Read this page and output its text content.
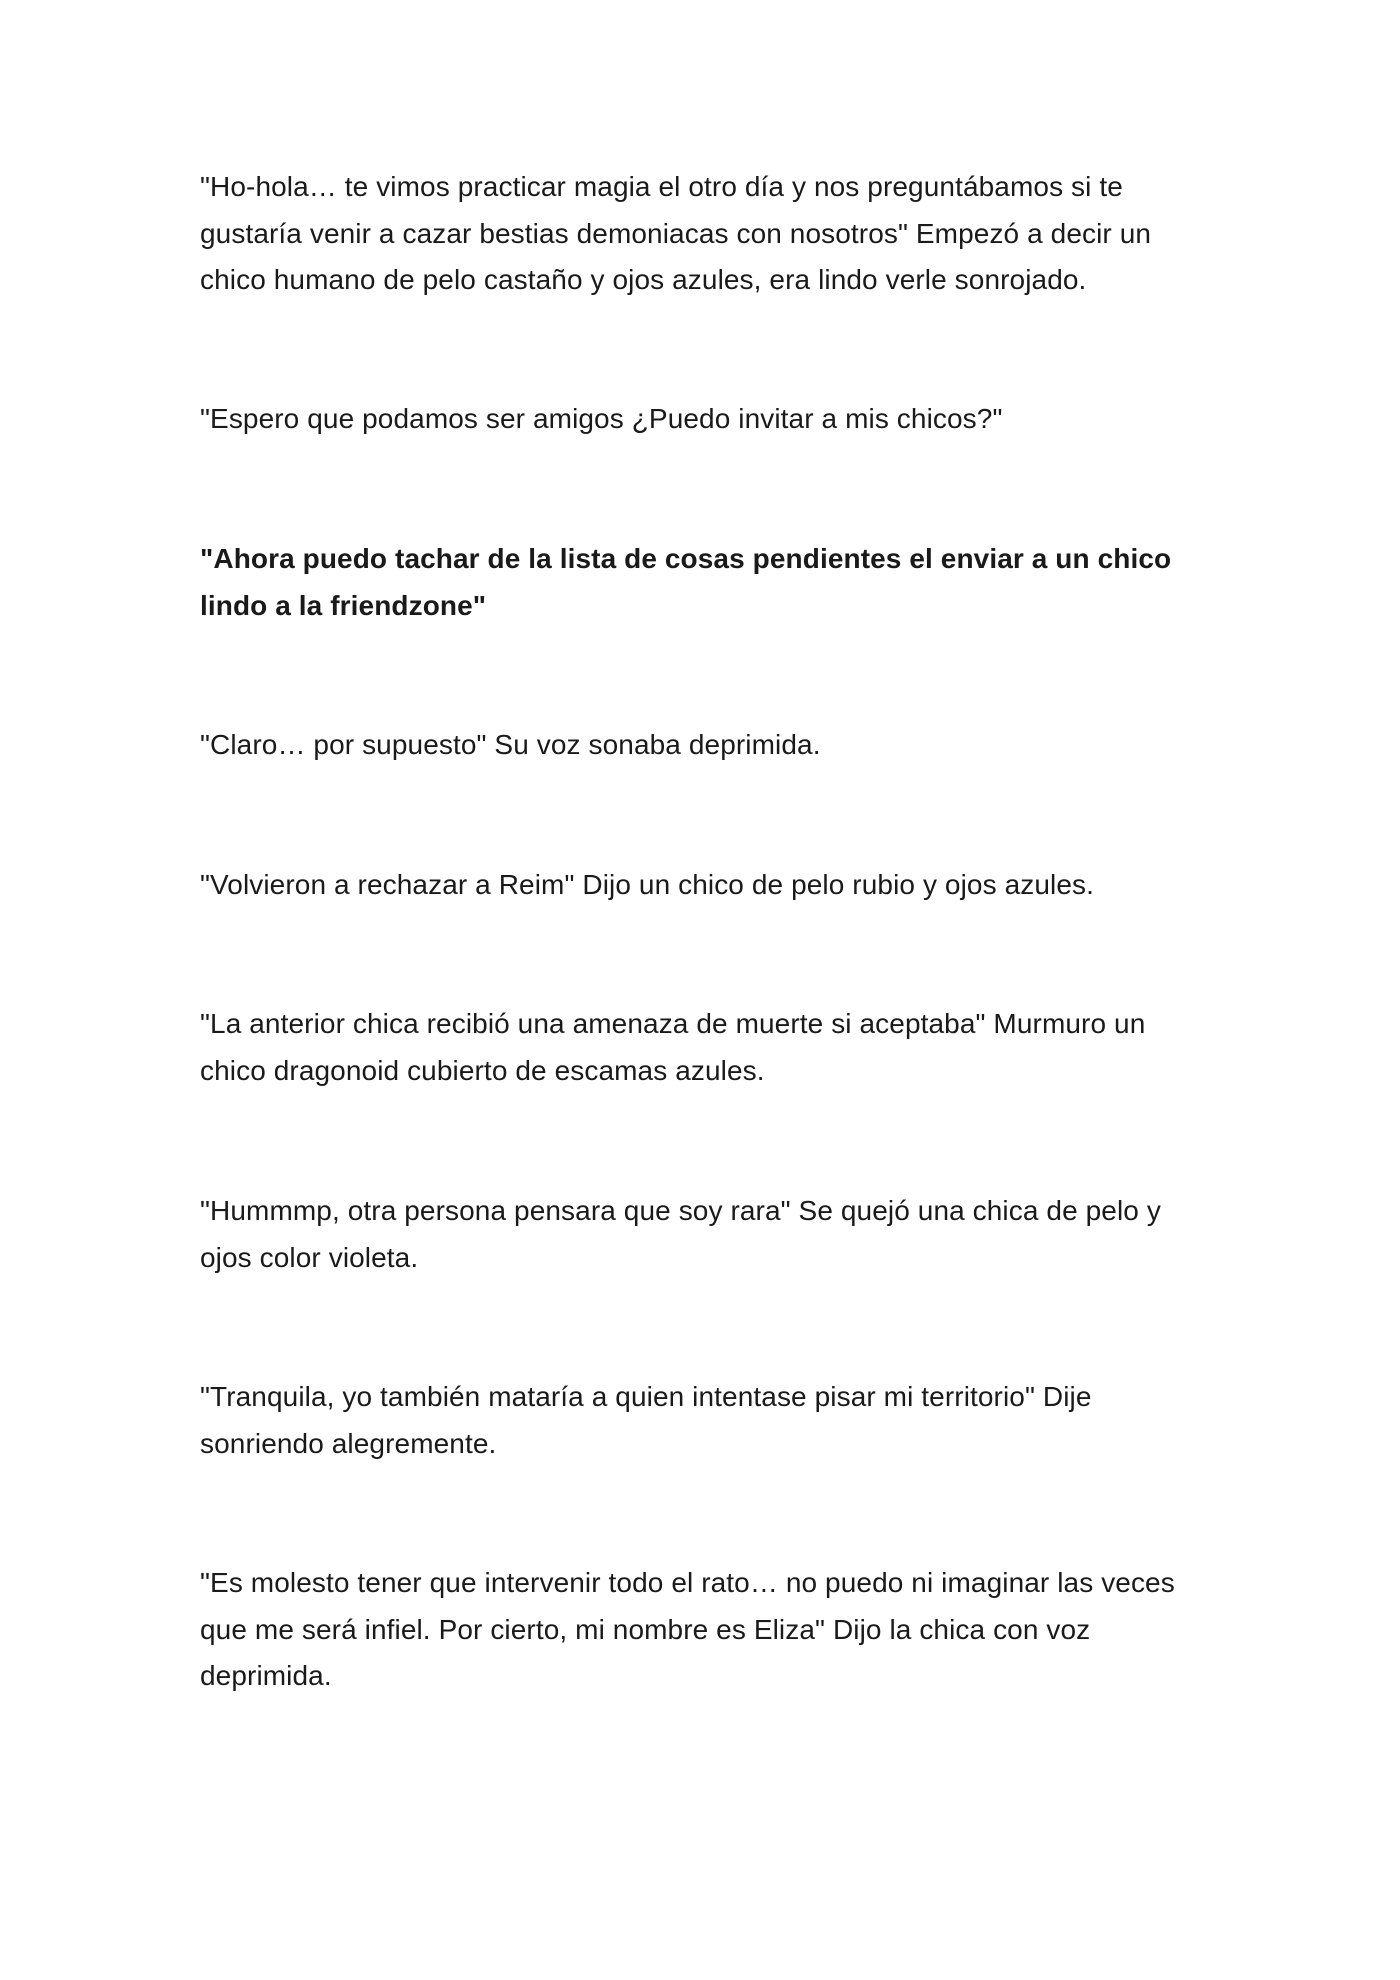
"Ho-hola… te vimos practicar magia el otro día y nos preguntábamos si te gustaría venir a cazar bestias demoniacas con nosotros" Empezó a decir un chico humano de pelo castaño y ojos azules, era lindo verle sonrojado.

"Espero que podamos ser amigos ¿Puedo invitar a mis chicos?"

"Ahora puedo tachar de la lista de cosas pendientes el enviar a un chico lindo a la friendzone"

"Claro… por supuesto" Su voz sonaba deprimida.

"Volvieron a rechazar a Reim" Dijo un chico de pelo rubio y ojos azules.

"La anterior chica recibió una amenaza de muerte si aceptaba" Murmuro un chico dragonoid cubierto de escamas azules.

"Hummmp, otra persona pensara que soy rara" Se quejó una chica de pelo y ojos color violeta.

"Tranquila, yo también mataría a quien intentase pisar mi territorio" Dije sonriendo alegremente.

"Es molesto tener que intervenir todo el rato… no puedo ni imaginar las veces que me será infiel. Por cierto, mi nombre es Eliza" Dijo la chica con voz deprimida.
